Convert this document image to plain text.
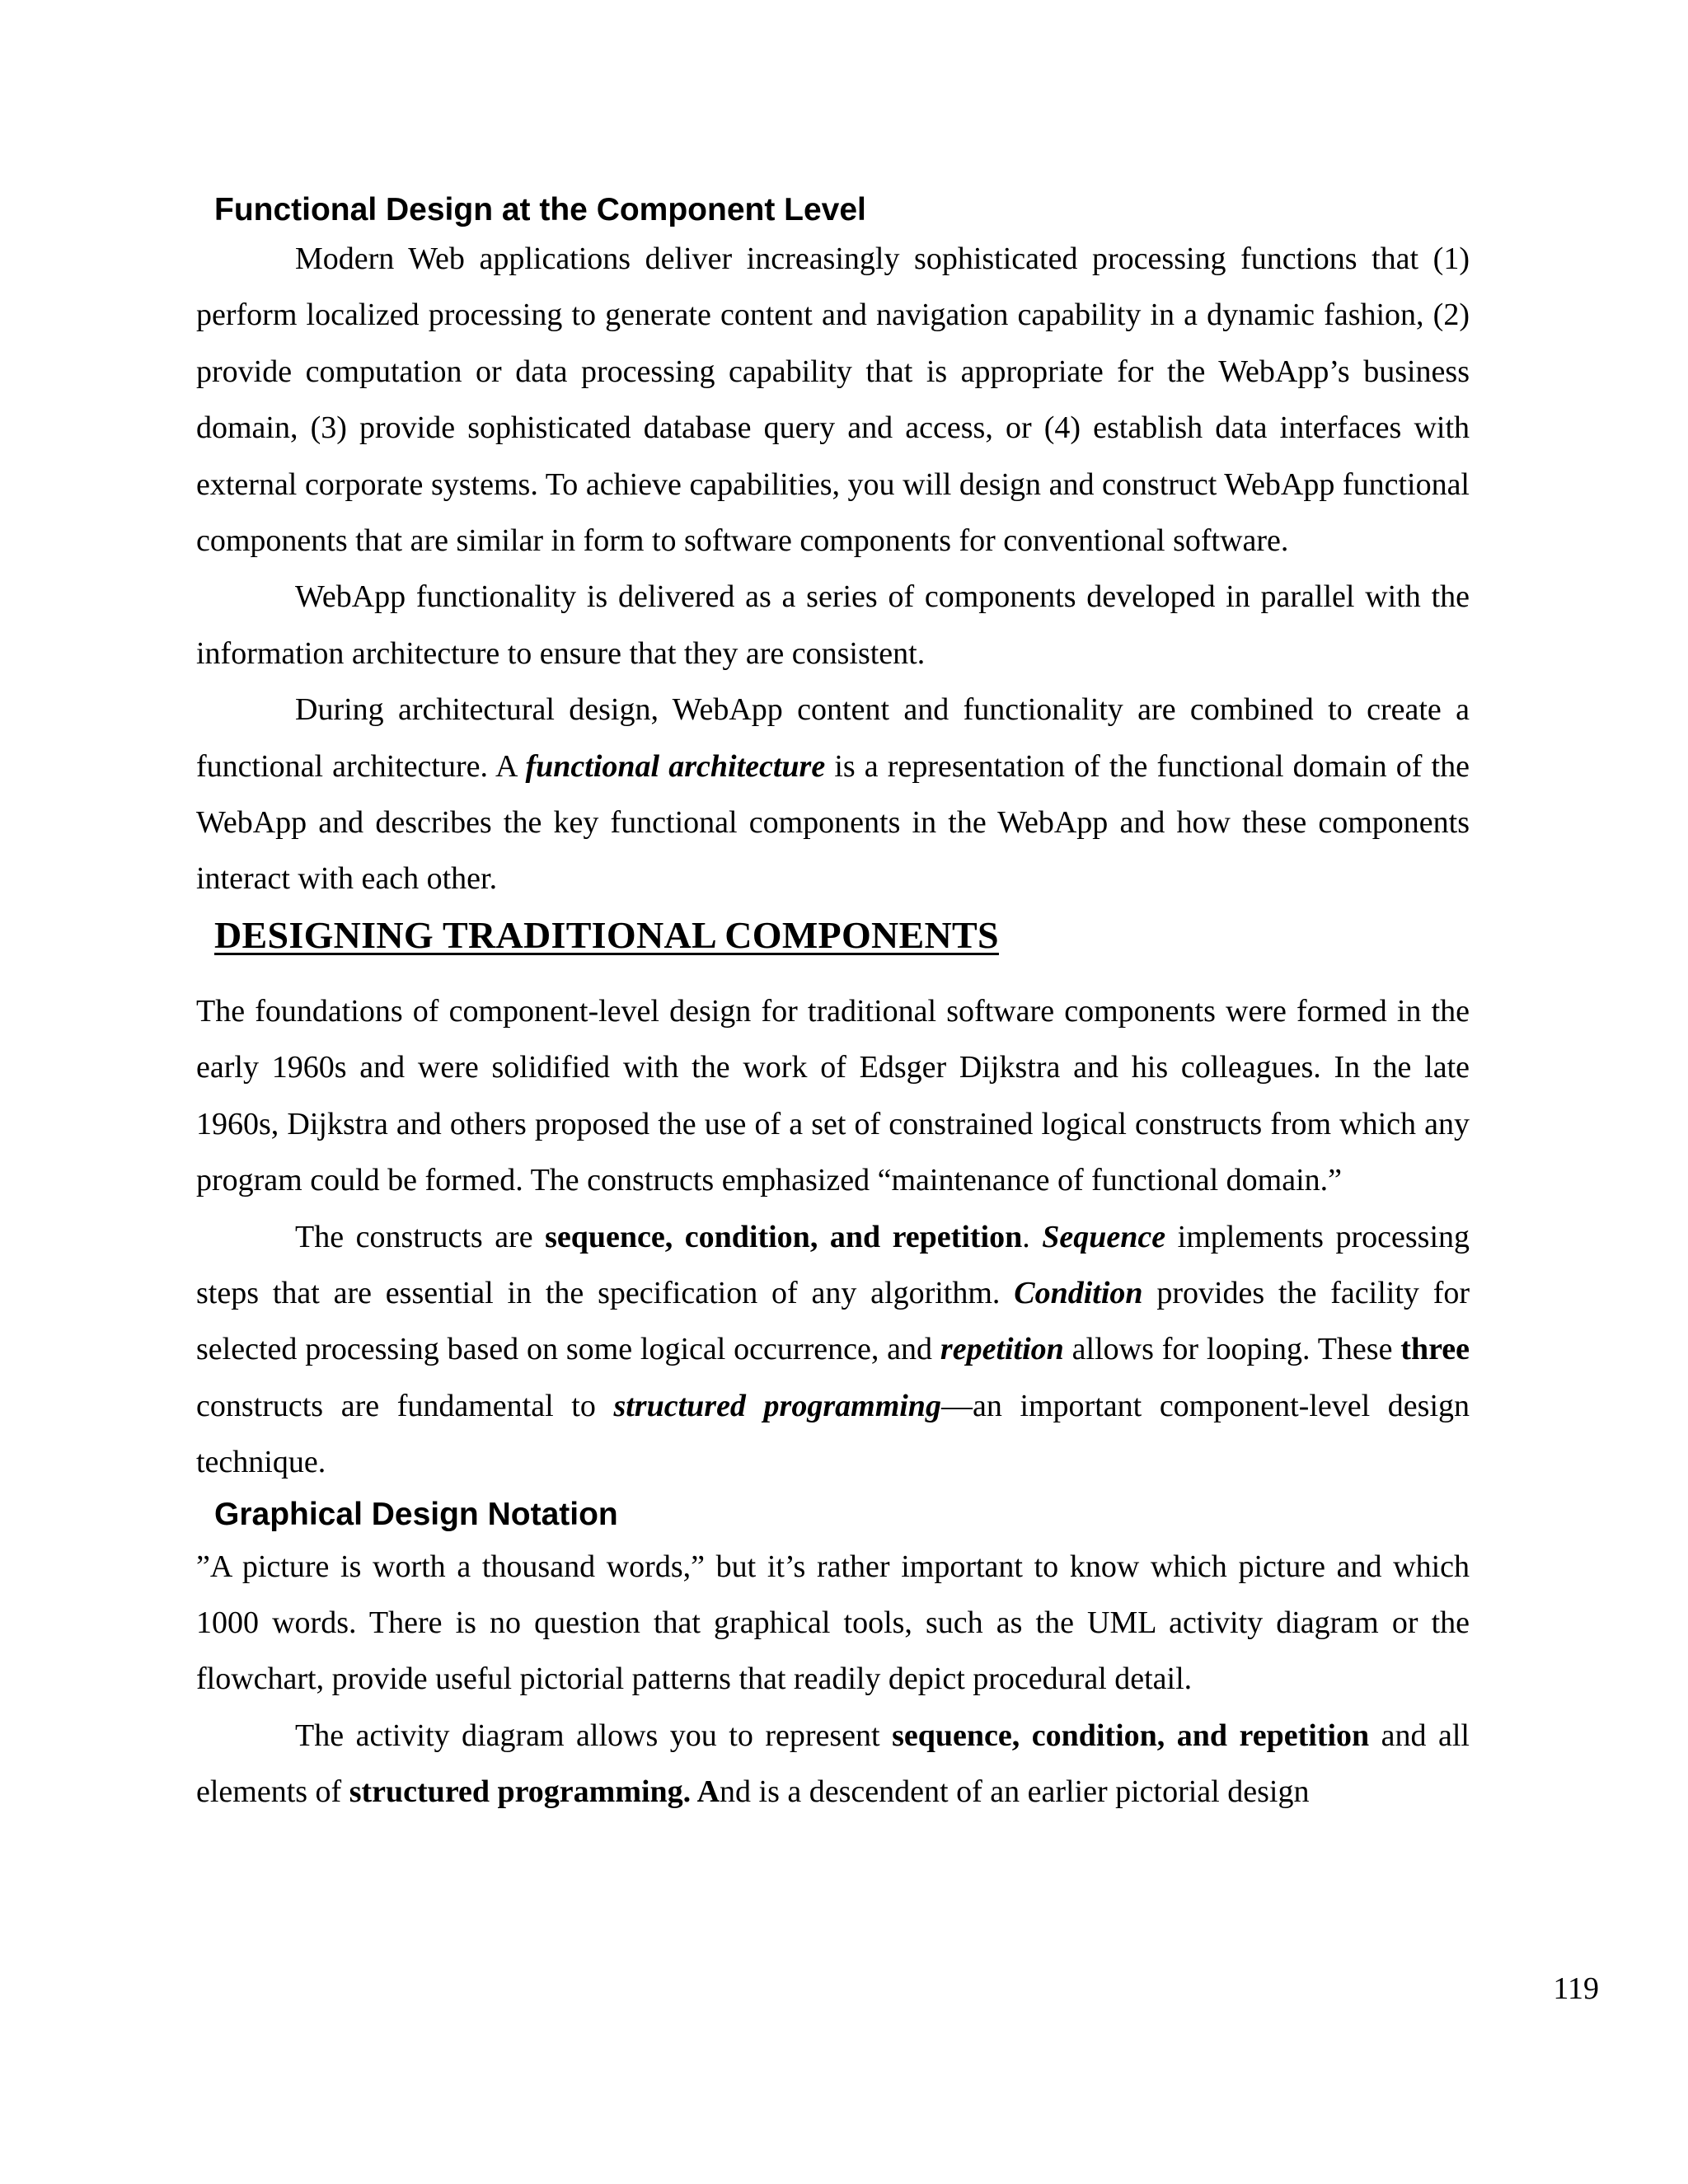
Functional Design at the Component Level

Modern Web applications deliver increasingly sophisticated processing functions that (1) perform localized processing to generate content and navigation capability in a dynamic fashion, (2) provide computation or data processing capability that is appropriate for the WebApp’s business domain, (3) provide sophisticated database query and access, or (4) establish data interfaces with external corporate systems. To achieve capabilities, you will design and construct WebApp functional components that are similar in form to software components for conventional software.

WebApp functionality is delivered as a series of components developed in parallel with the information architecture to ensure that they are consistent.

During architectural design, WebApp content and functionality are combined to create a functional architecture. A functional architecture is a representation of the functional domain of the WebApp and describes the key functional components in the WebApp and how these components interact with each other.

DESIGNING TRADITIONAL COMPONENTS

The foundations of component-level design for traditional software components were formed in the early 1960s and were solidified with the work of Edsger Dijkstra and his colleagues. In the late 1960s, Dijkstra and others proposed the use of a set of constrained logical constructs from which any program could be formed. The constructs emphasized “maintenance of functional domain.”

The constructs are sequence, condition, and repetition. Sequence implements processing steps that are essential in the specification of any algorithm. Condition provides the facility for selected processing based on some logical occurrence, and repetition allows for looping. These three constructs are fundamental to structured programming—an important component-level design technique.

Graphical Design Notation

”A picture is worth a thousand words,” but it’s rather important to know which picture and which 1000 words. There is no question that graphical tools, such as the UML activity diagram or the flowchart, provide useful pictorial patterns that readily depict procedural detail.

The activity diagram allows you to represent sequence, condition, and repetition and all elements of structured programming. And is a descendent of an earlier pictorial design

119
